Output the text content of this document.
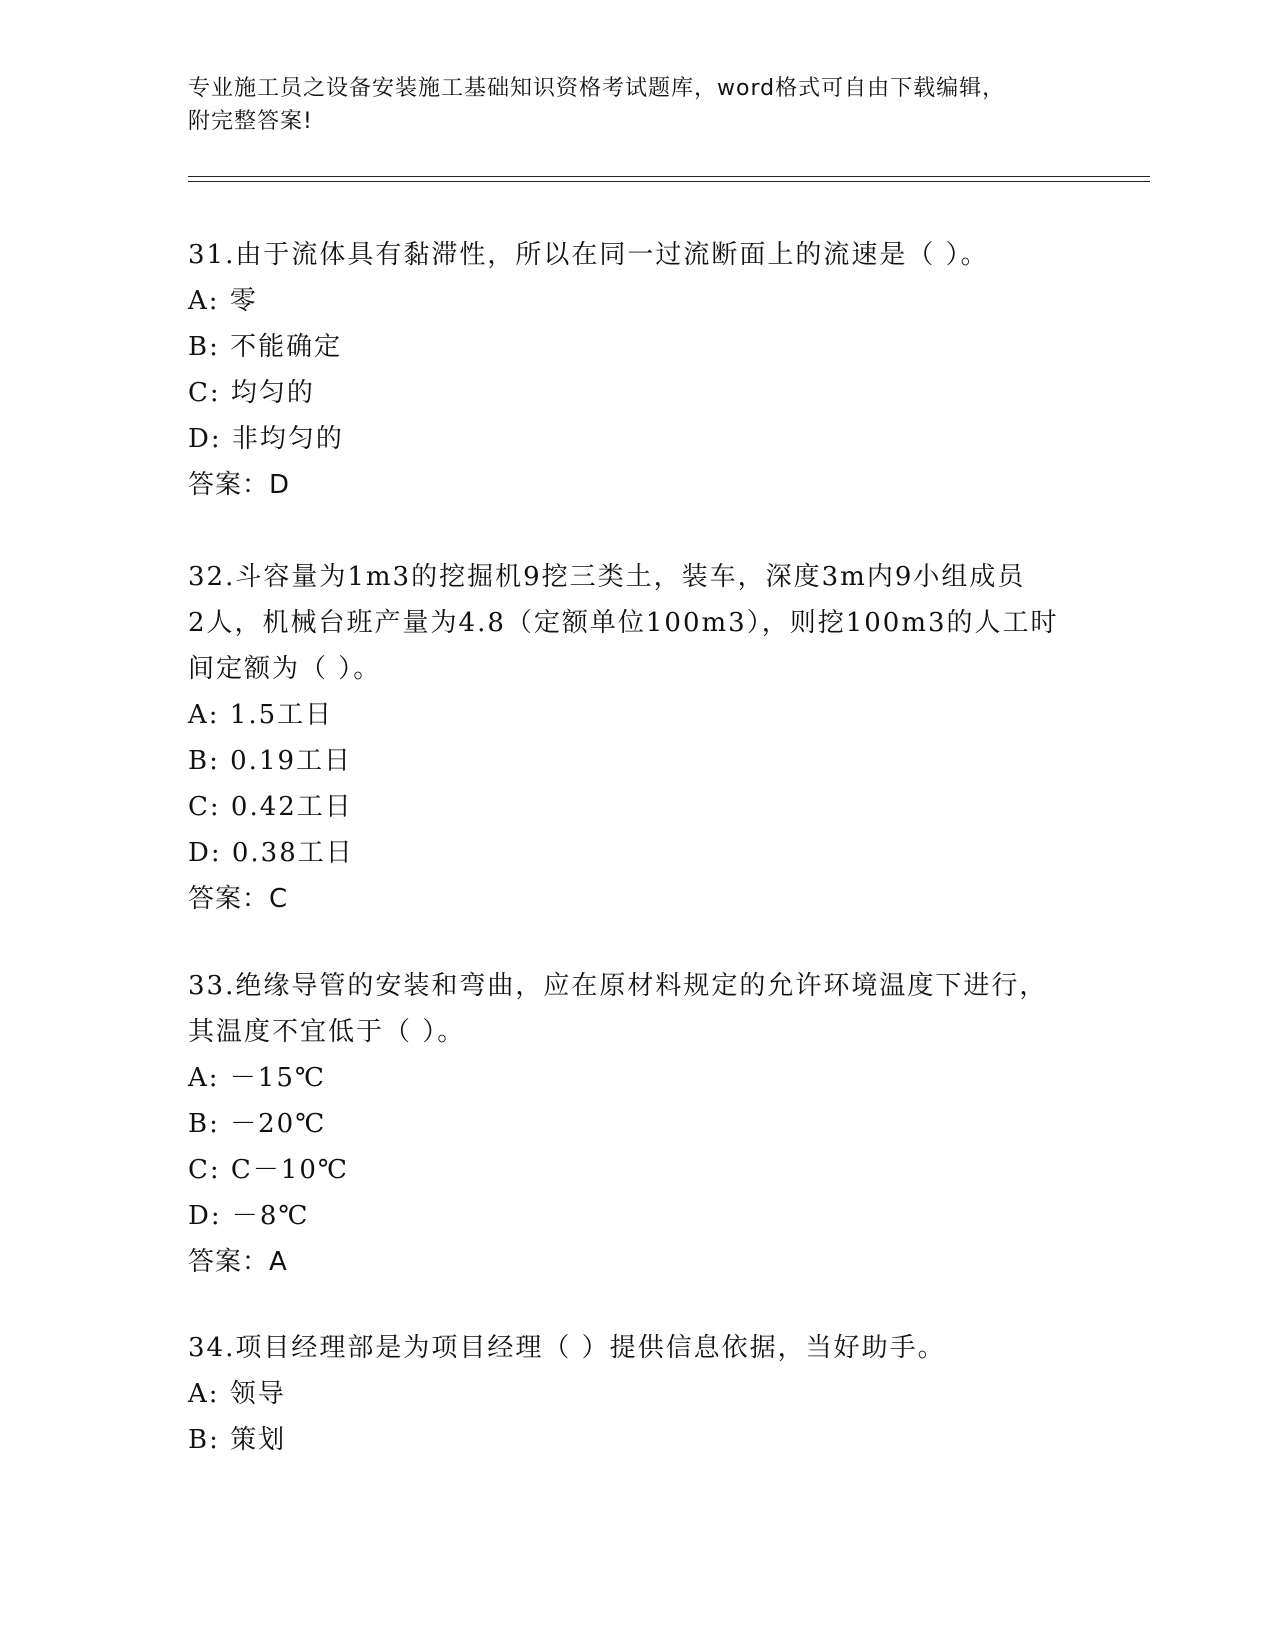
专业施工员之设备安装施工基础知识资格考试题库，word格式可自由下载编辑，
附完整答案!
31.由于流体具有黏滞性，所以在同一过流断面上的流速是（ ）。
A: 零
B: 不能确定
C: 均匀的
D: 非均匀的
答案：D
32.斗容量为1m3的挖掘机9挖三类土，装车，深度3m内9小组成员
2人，机械台班产量为4.8（定额单位100m3），则挖100m3的人工时
间定额为（ ）。
A: 1.5工日
B: 0.19工日
C: 0.42工日
D: 0.38工日
答案：C
33.绝缘导管的安装和弯曲，应在原材料规定的允许环境温度下进行，
其温度不宜低于（ ）。
A: －15℃
B: －20℃
C: C－10℃
D: －8℃
答案：A
34.项目经理部是为项目经理（ ）提供信息依据，当好助手。
A: 领导
B: 策划
